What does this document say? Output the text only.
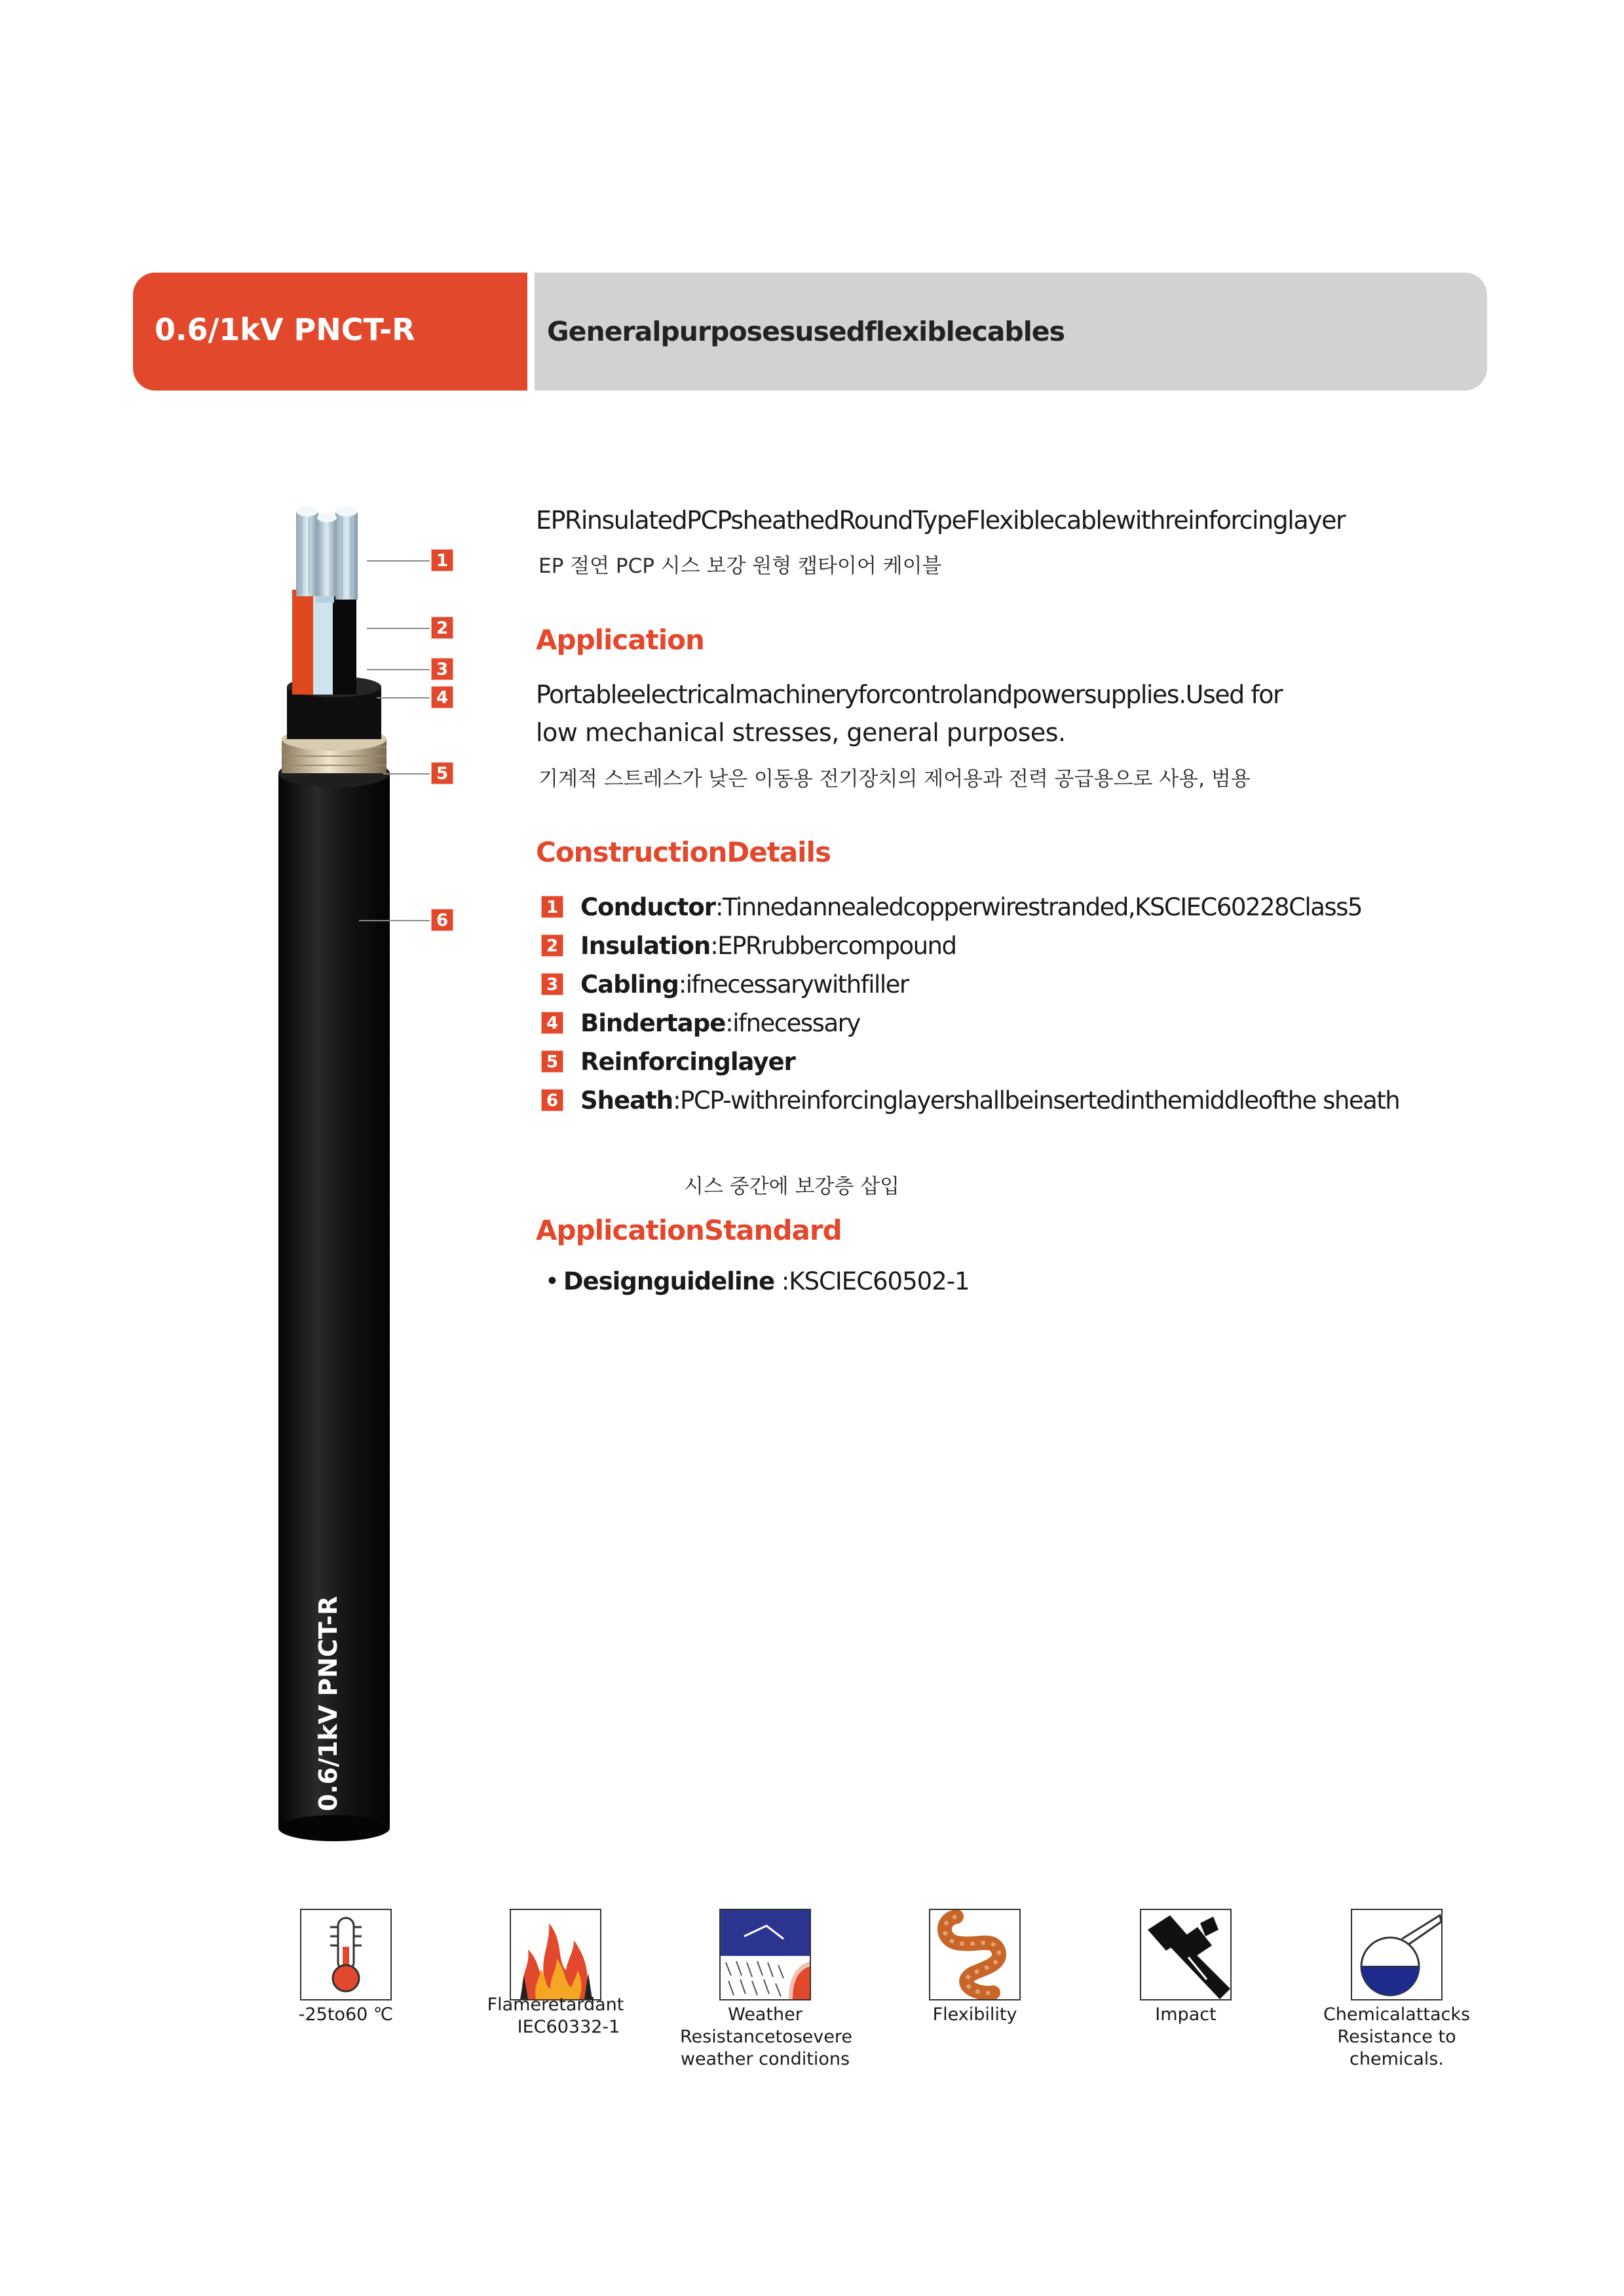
0.6/1kV PNCT-R	Generalpurposesusedflexiblecables
0.6/1kV PNCT-R
1
2
3
4
5
6
EPRinsulatedPCPsheathedRoundTypeFlexiblecablewithreinforcinglayer
EP 절연 PCP 시스 보강 원형 캡타이어 케이블
Application
Portableelectricalmachineryforcontrolandpowersupplies.Used for
low mechanical stresses, general purposes.
기계적 스트레스가 낮은 이동용 전기장치의 제어용과 전력 공급용으로 사용, 범용
ConstructionDetails
1 Conductor :Tinnedannealedcopperwirestranded,KSCIEC60228Class5
2 Insulation :EPRrubbercompound
3 Cabling :ifnecessarywithfiller
4 Bindertape :ifnecessary
5 Reinforcinglayer
6 Sheath :PCP-withreinforcinglayershallbeinsertedinthemiddleofthe sheath
시스 중간에 보강층 삽입
ApplicationStandard
• Designguideline :KSCIEC60502-1
-25to60 ℃	Flameretardant
IEC60332-1
Weather
Resistancetosevere
weather conditions
Flexibility	Impact	Chemicalattacks
Resistance to
chemicals.
